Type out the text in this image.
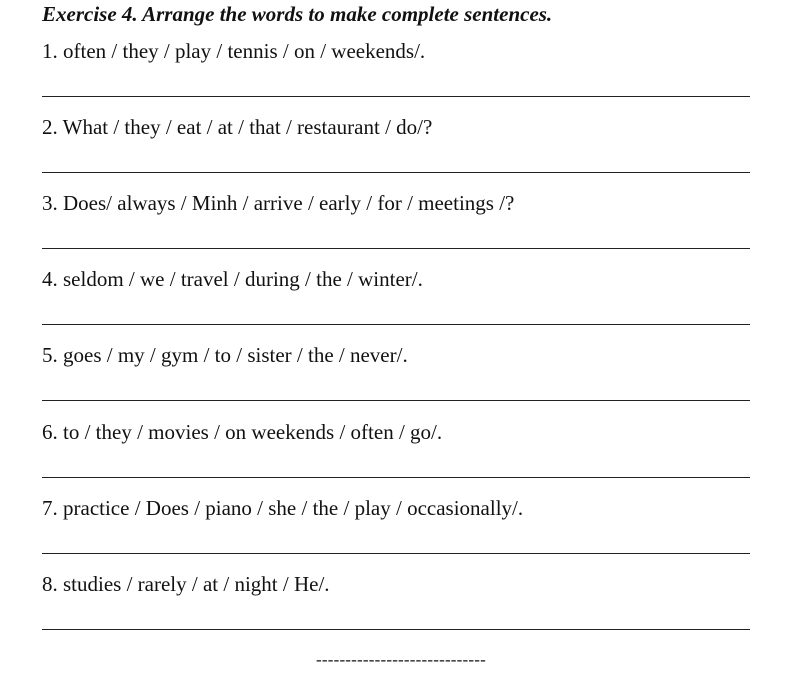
Exercise 4. Arrange the words to make complete sentences.
1. often / they / play / tennis / on / weekends/.
2. What / they / eat / at / that / restaurant / do/?
3. Does/ always / Minh / arrive / early / for / meetings /?
4. seldom / we / travel / during / the / winter/.
5. goes / my / gym / to / sister / the / never/.
6. to / they / movies / on weekends / often / go/.
7. practice / Does / piano / she / the / play / occasionally/.
8. studies / rarely / at / night / He/.
-----------------------------
